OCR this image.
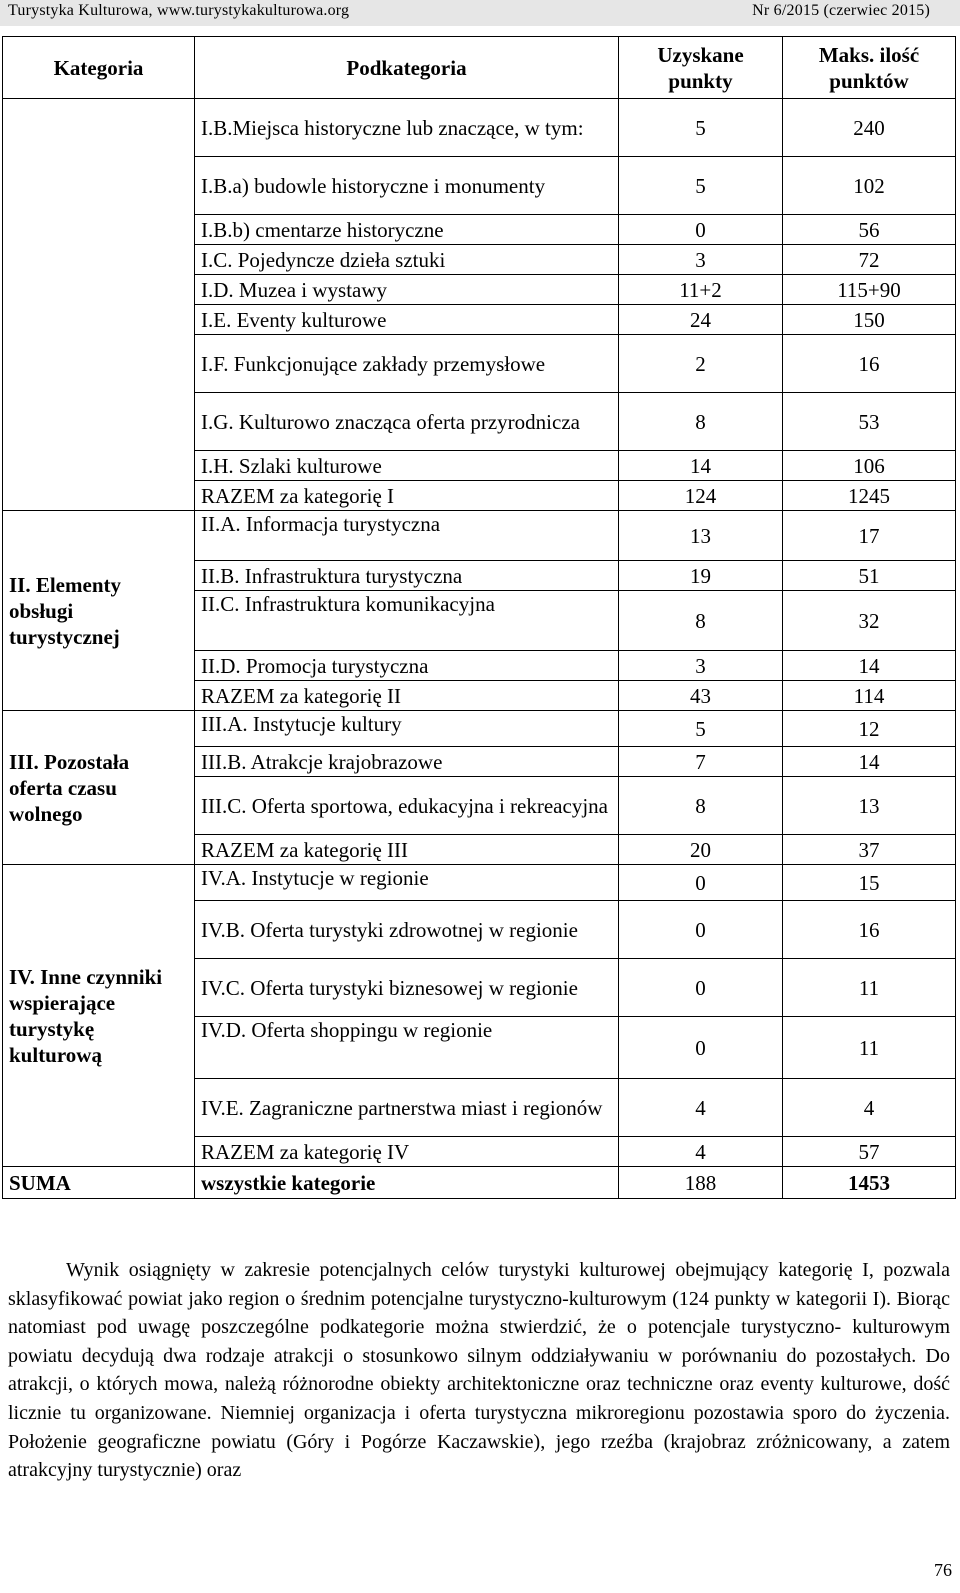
Turystyka Kulturowa, www.turystykakulturowa.org	Nr 6/2015 (czerwiec 2015)
Kategoria	Podkategoria	Uzyskane punkty	Maks. ilość punktów
	I.B.Miejsca historyczne lub znaczące, w tym:	5	240
	I.B.a) budowle historyczne i monumenty	5	102
	I.B.b) cmentarze historyczne	0	56
	I.C. Pojedyncze dzieła sztuki	3	72
	I.D. Muzea i wystawy	11+2	115+90
	I.E. Eventy kulturowe	24	150
	I.F. Funkcjonujące zakłady przemysłowe	2	16
	I.G. Kulturowo znacząca oferta przyrodnicza	8	53
	I.H. Szlaki kulturowe	14	106
	RAZEM za kategorię I	124	1245
II. Elementy obsługi turystycznej	II.A. Informacja turystyczna	13	17
	II.B. Infrastruktura turystyczna	19	51
	II.C. Infrastruktura komunikacyjna	8	32
	II.D. Promocja turystyczna	3	14
	RAZEM za kategorię II	43	114
III. Pozostała oferta czasu wolnego	III.A. Instytucje kultury	5	12
	III.B. Atrakcje krajobrazowe	7	14
	III.C. Oferta sportowa, edukacyjna i rekreacyjna	8	13
	RAZEM za kategorię III	20	37
IV. Inne czynniki wspierające turystykę kulturową	IV.A. Instytucje w regionie	0	15
	IV.B. Oferta turystyki zdrowotnej w regionie	0	16
	IV.C. Oferta turystyki biznesowej w regionie	0	11
	IV.D. Oferta shoppingu w regionie	0	11
	IV.E. Zagraniczne partnerstwa miast i regionów	4	4
	RAZEM za kategorię IV	4	57
SUMA	wszystkie kategorie	188	1453
Wynik osiągnięty w zakresie potencjalnych celów turystyki kulturowej obejmujący kategorię I, pozwala sklasyfikować powiat jako region o średnim potencjalne turystyczno-kulturowym (124 punkty w kategorii I). Biorąc natomiast pod uwagę poszczególne podkategorie można stwierdzić, że o potencjale turystyczno- kulturowym powiatu decydują dwa rodzaje atrakcji o stosunkowo silnym oddziaływaniu w porównaniu do pozostałych. Do atrakcji, o których mowa, należą różnorodne obiekty architektoniczne oraz techniczne oraz eventy kulturowe, dość licznie tu organizowane. Niemniej organizacja i oferta turystyczna mikroregionu pozostawia sporo do życzenia. Położenie geograficzne powiatu (Góry i Pogórze Kaczawskie), jego rzeźba (krajobraz zróżnicowany, a zatem atrakcyjny turystycznie) oraz
76
